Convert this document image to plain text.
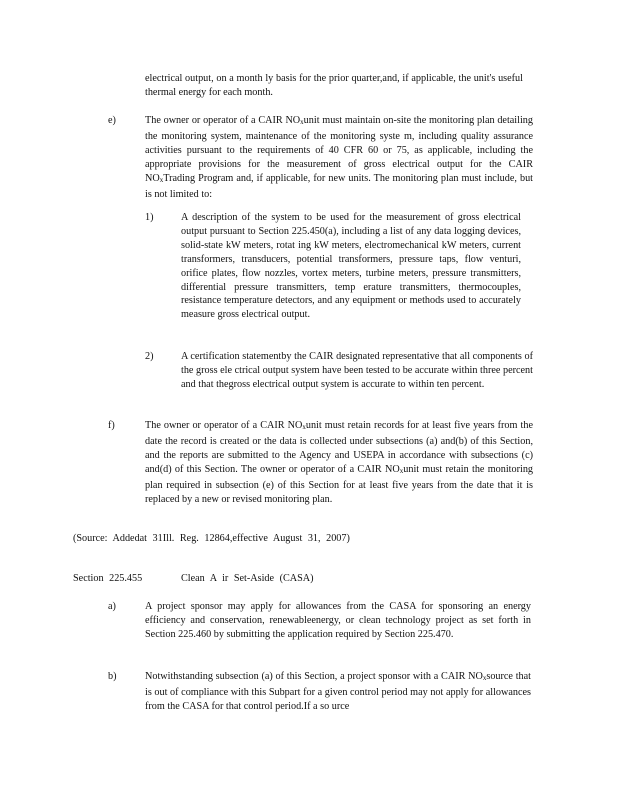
electrical output, on a month ly basis for the prior quarter,and, if applicable, the unit's useful thermal energy for each month.
e)	The owner or operator of a CAIR NOxunit must maintain on-site the monitoring plan detailing the monitoring system, maintenance of the monitoring syste m, including quality assurance activities pursuant to the requirements of 40 CFR 60 or 75, as applicable, including the appropriate provisions for the measurement of gross electrical output for the CAIR NOxTrading Program and, if applicable, for new units. The monitoring plan must include, but is not limited to:
1)	A description of the system to be used for the measurement of gross electrical output pursuant to Section 225.450(a), including a list of any data logging devices, solid-state kW meters, rotat ing kW meters, electromechanical kW meters, current transformers, transducers, potential transformers, pressure taps, flow venturi, orifice plates, flow nozzles, vortex meters, turbine meters, pressure transmitters, differential pressure transmitters, temp erature transmitters, thermocouples, resistance temperature detectors, and any equipment or methods used to accurately measure gross electrical output.
2)	A certification statementby the CAIR designated representative that all components of the gross ele ctrical output system have been tested to be accurate within three percent and that thegross electrical output system is accurate to within ten percent.
f)	The owner or operator of a CAIR NOxunit must retain records for at least five years from the date the record is created or the data is collected under subsections (a) and(b) of this Section, and the reports are submitted to the Agency and USEPA in accordance with subsections (c) and(d) of this Section. The owner or operator of a CAIR NOxunit must retain the monitoring plan required in subsection (e) of this Section for at least five years from the date that it is replaced by a new or revised monitoring plan.
(Source: Addedat 31Ill. Reg. 12864,effective August 31, 2007)
Section 225.455	Clean A ir Set-Aside (CASA)
a)	A project sponsor may apply for allowances from the CASA for sponsoring an energy efficiency and conservation, renewableenergy, or clean technology project as set forth in Section 225.460 by submitting the application required by Section 225.470.
b)	Notwithstanding subsection (a) of this Section, a project sponsor with a CAIR NOxsource that is out of compliance with this Subpart for a given control period may not apply for allowances from the CASA for that control period.If a so urce
